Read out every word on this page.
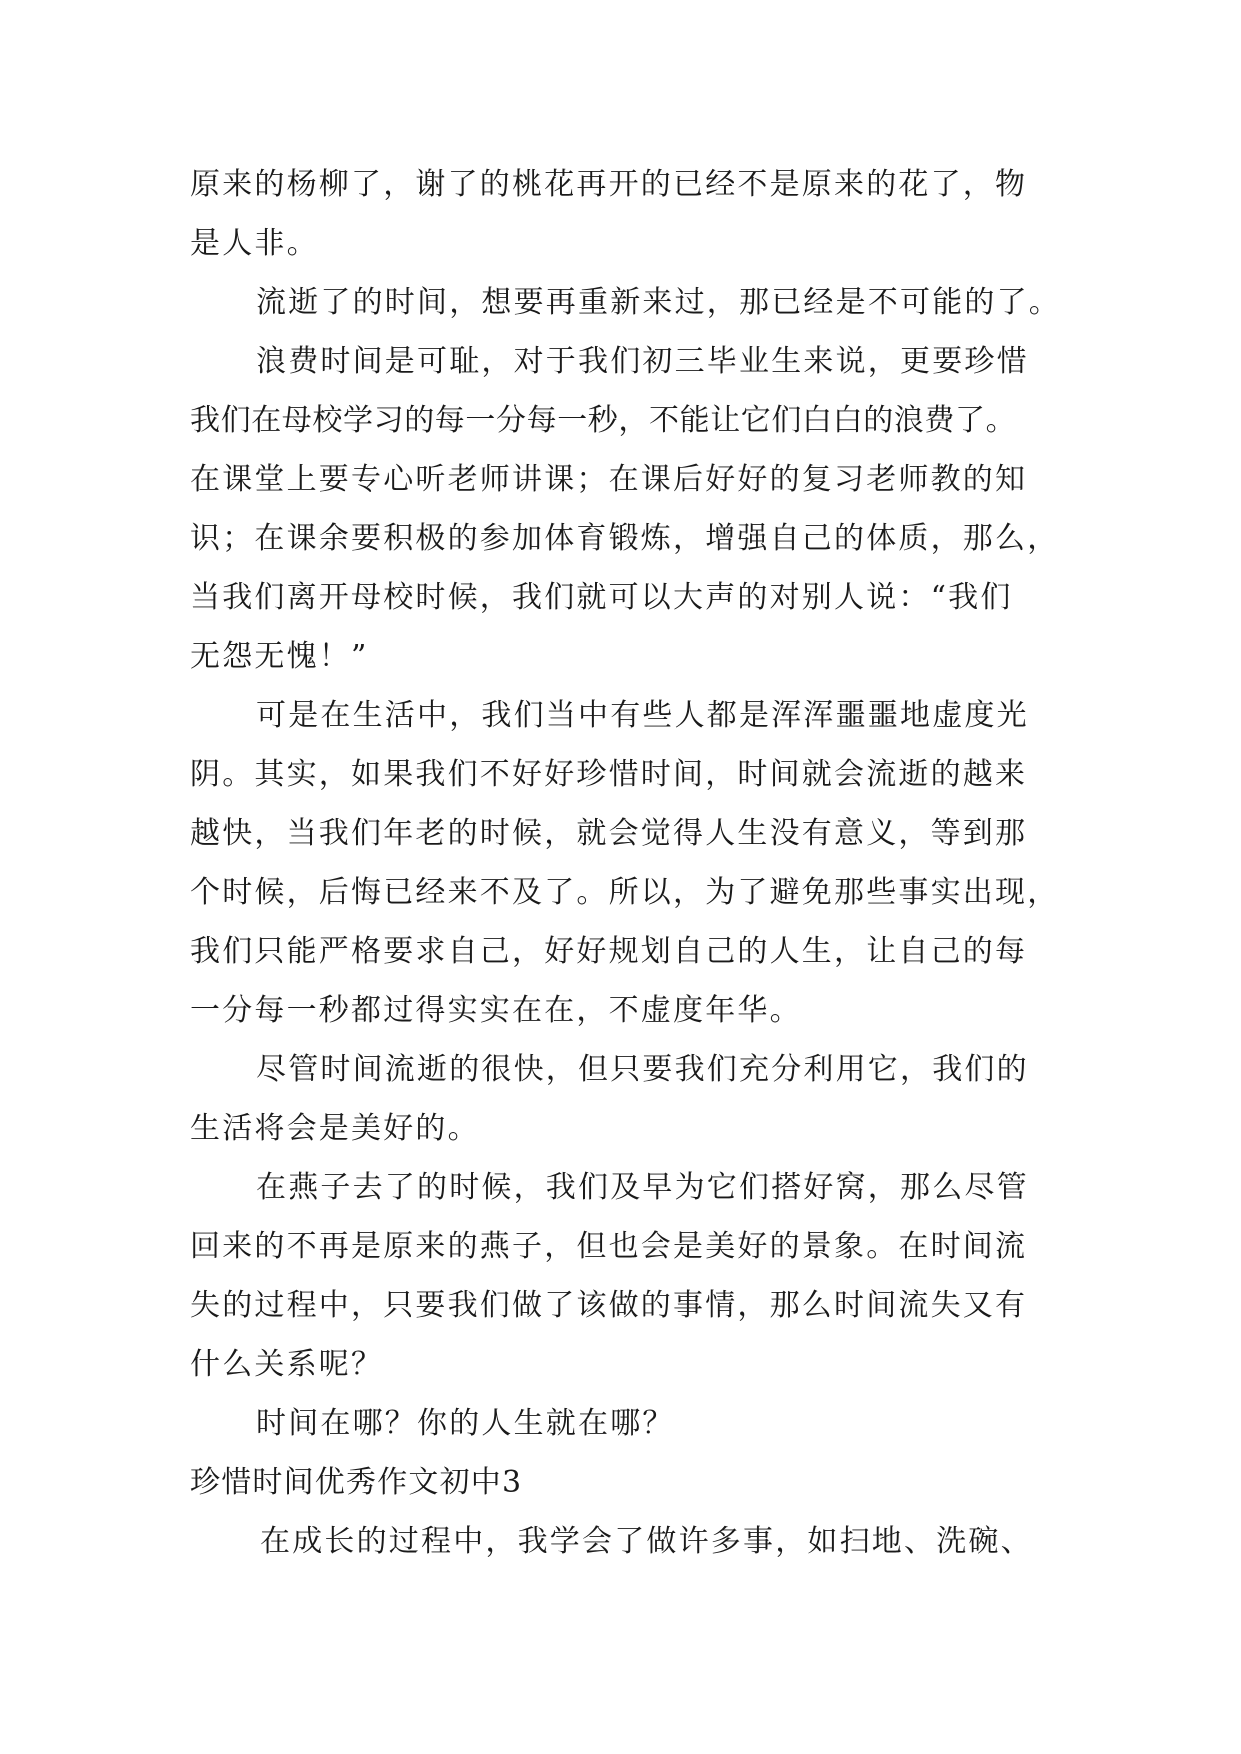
原来的杨柳了，谢了的桃花再开的已经不是原来的花了，物
是人非。
流逝了的时间，想要再重新来过，那已经是不可能的了。
浪费时间是可耻，对于我们初三毕业生来说，更要珍惜
我们在母校学习的每一分每一秒，不能让它们白白的浪费了。
在课堂上要专心听老师讲课；在课后好好的复习老师教的知
识；在课余要积极的参加体育锻炼，增强自己的体质，那么，
当我们离开母校时候，我们就可以大声的对别人说：“我们
无怨无愧！”
可是在生活中，我们当中有些人都是浑浑噩噩地虚度光
阴。其实，如果我们不好好珍惜时间，时间就会流逝的越来
越快，当我们年老的时候，就会觉得人生没有意义，等到那
个时候，后悔已经来不及了。所以，为了避免那些事实出现，
我们只能严格要求自己，好好规划自己的人生，让自己的每
一分每一秒都过得实实在在，不虚度年华。
尽管时间流逝的很快，但只要我们充分利用它，我们的
生活将会是美好的。
在燕子去了的时候，我们及早为它们搭好窝，那么尽管
回来的不再是原来的燕子，但也会是美好的景象。在时间流
失的过程中，只要我们做了该做的事情，那么时间流失又有
什么关系呢？
时间在哪？你的人生就在哪？
珍惜时间优秀作文初中3
在成长的过程中，我学会了做许多事，如扫地、洗碗、
